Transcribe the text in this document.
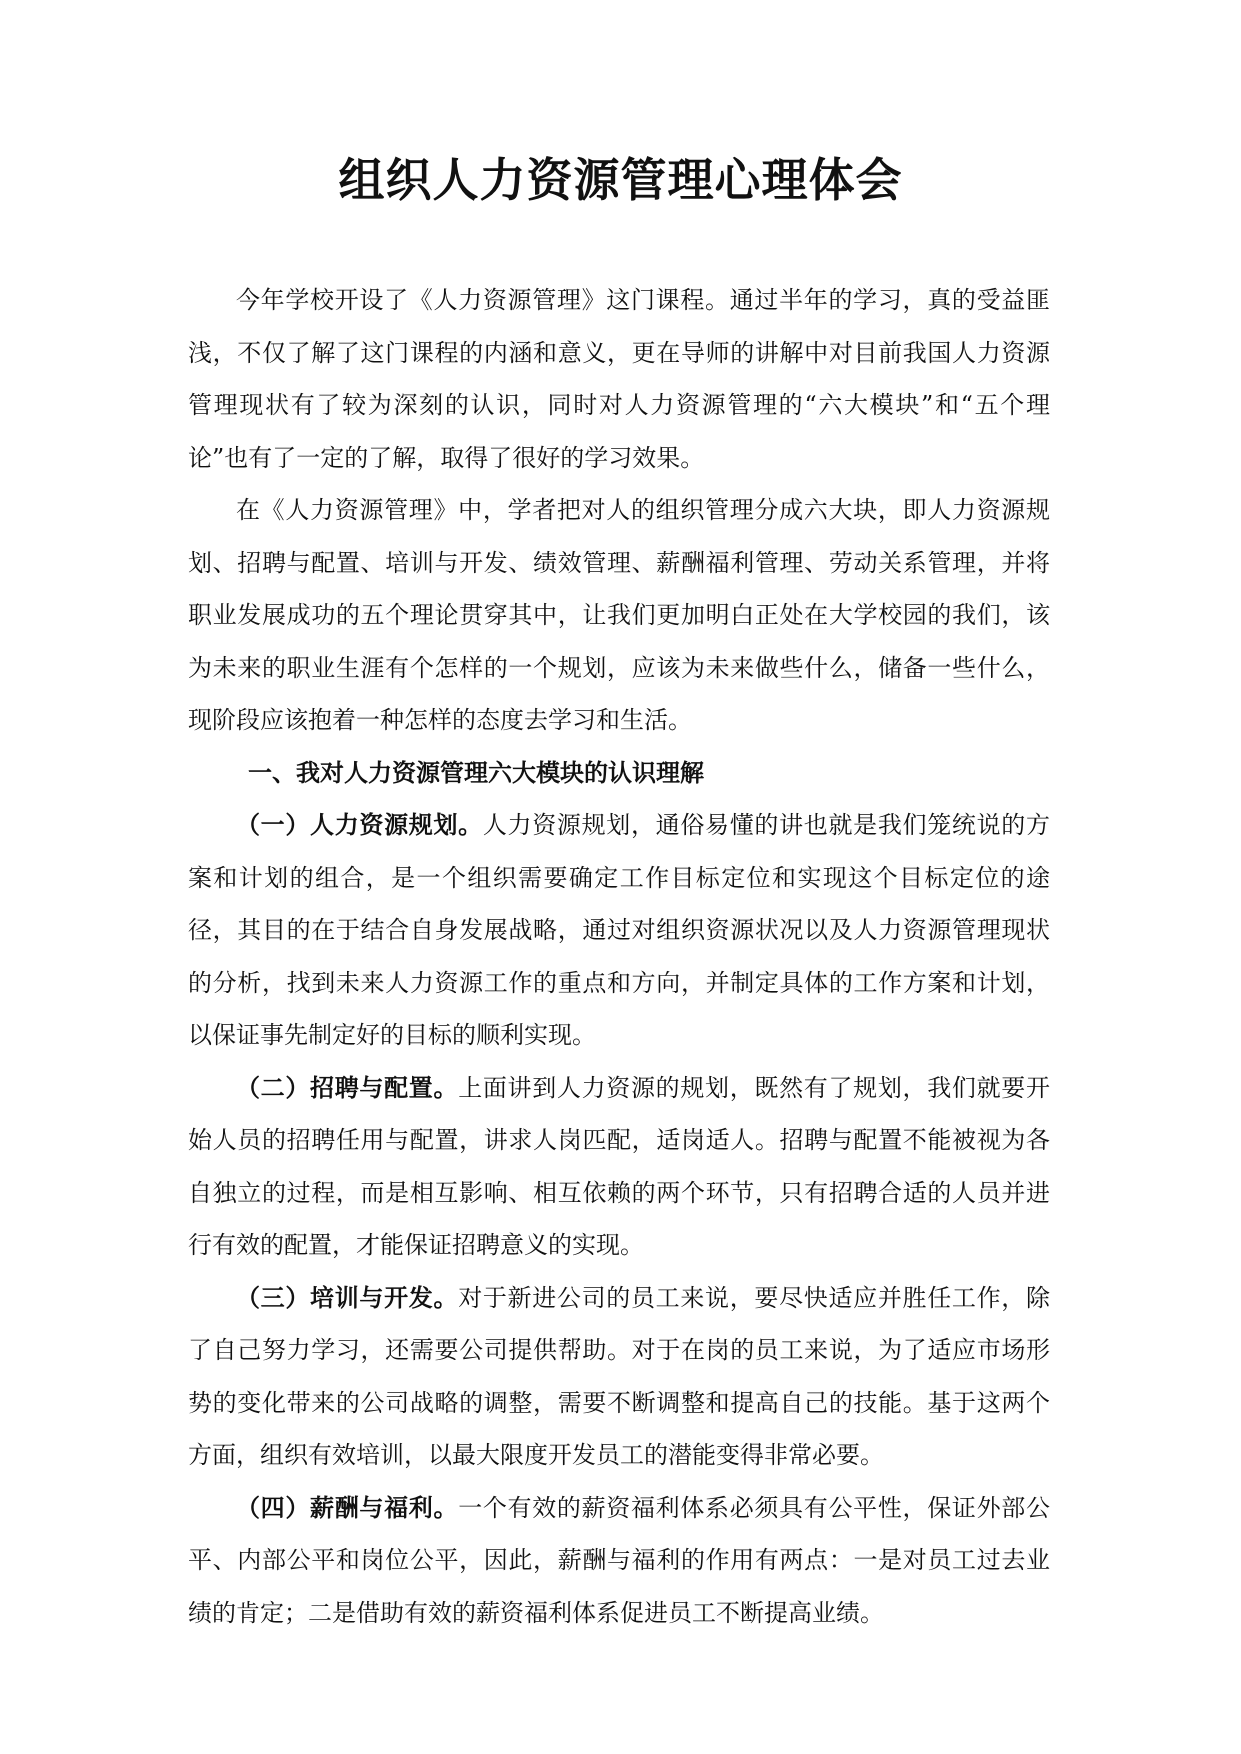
组织人力资源管理心理体会

今年学校开设了《人力资源管理》这门课程。通过半年的学习，真的受益匪浅，不仅了解了这门课程的内涵和意义，更在导师的讲解中对目前我国人力资源管理现状有了较为深刻的认识，同时对人力资源管理的“六大模块”和“五个理论”也有了一定的了解，取得了很好的学习效果。

在《人力资源管理》中，学者把对人的组织管理分成六大块，即人力资源规划、招聘与配置、培训与开发、绩效管理、薪酬福利管理、劳动关系管理，并将职业发展成功的五个理论贯穿其中，让我们更加明白正处在大学校园的我们，该为未来的职业生涯有个怎样的一个规划，应该为未来做些什么，储备一些什么，现阶段应该抱着一种怎样的态度去学习和生活。

一、我对人力资源管理六大模块的认识理解

（一）人力资源规划。人力资源规划，通俗易懂的讲也就是我们笼统说的方案和计划的组合，是一个组织需要确定工作目标定位和实现这个目标定位的途径，其目的在于结合自身发展战略，通过对组织资源状况以及人力资源管理现状的分析，找到未来人力资源工作的重点和方向，并制定具体的工作方案和计划，以保证事先制定好的目标的顺利实现。

（二）招聘与配置。上面讲到人力资源的规划，既然有了规划，我们就要开始人员的招聘任用与配置，讲求人岗匹配，适岗适人。招聘与配置不能被视为各自独立的过程，而是相互影响、相互依赖的两个环节，只有招聘合适的人员并进行有效的配置，才能保证招聘意义的实现。

（三）培训与开发。对于新进公司的员工来说，要尽快适应并胜任工作，除了自己努力学习，还需要公司提供帮助。对于在岗的员工来说，为了适应市场形势的变化带来的公司战略的调整，需要不断调整和提高自己的技能。基于这两个方面，组织有效培训，以最大限度开发员工的潜能变得非常必要。

（四）薪酬与福利。一个有效的薪资福利体系必须具有公平性，保证外部公平、内部公平和岗位公平，因此，薪酬与福利的作用有两点：一是对员工过去业绩的肯定；二是借助有效的薪资福利体系促进员工不断提高业绩。
